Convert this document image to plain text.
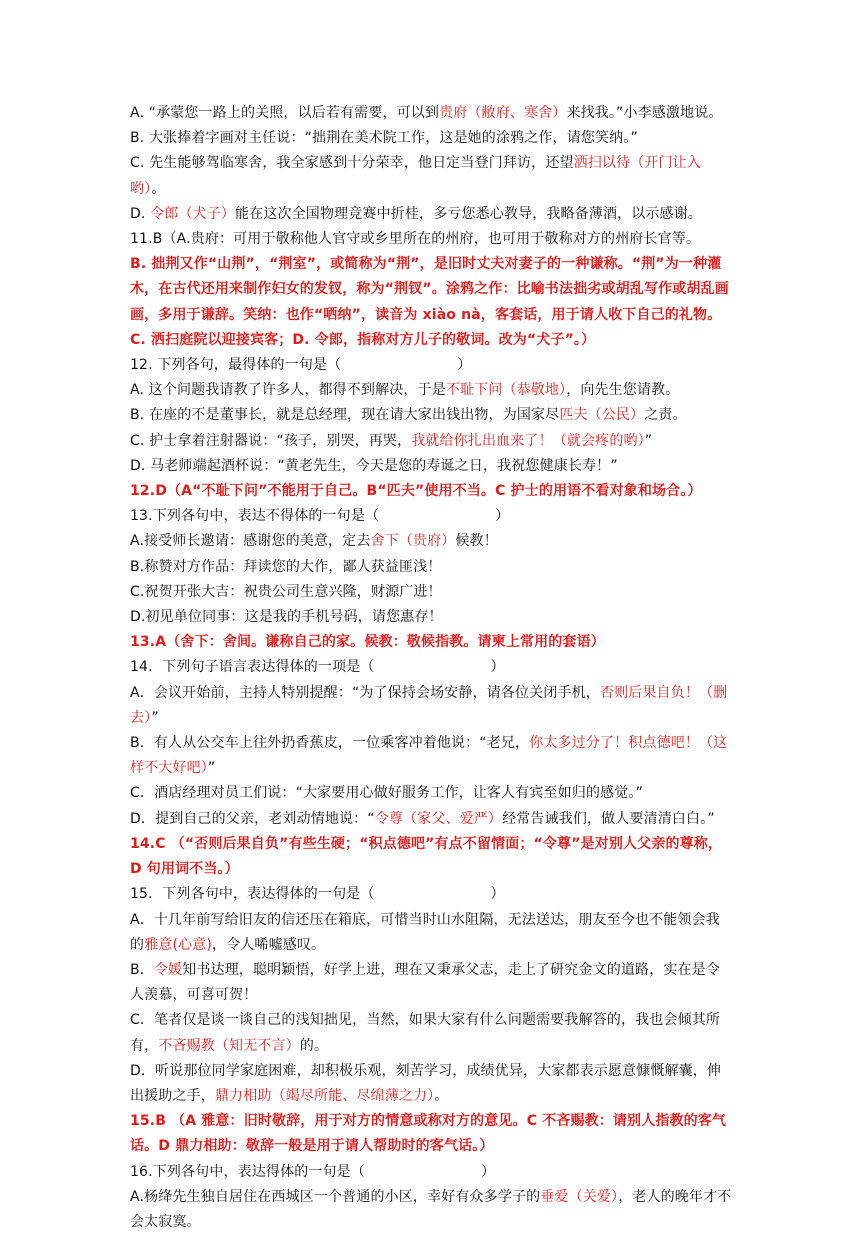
A. “承蒙您一路上的关照，以后若有需要，可以到贵府（敝府、寒舍）来找我。”小李感激地说。

B. 大张捧着字画对主任说：“拙荆在美术院工作，这是她的涂鸦之作，请您笑纳。”

C. 先生能够驾临寒舍，我全家感到十分荣幸，他日定当登门拜访，还望洒扫以待（开门让入哟）。

D. 令郎（犬子）能在这次全国物理竞赛中折桂，多亏您悉心教导，我略备薄酒，以示感谢。

11.B（A.贵府：可用于敬称他人官守或乡里所在的州府，也可用于敬称对方的州府长官等。

B. 拙荆又作“山荆”，“荆室”，或简称为“荆”，是旧时丈夫对妻子的一种谦称。“荆”为一种灌木，在古代还用来制作妇女的发钗，称为“荆钗”。涂鸦之作：比喻书法拙劣或胡乱写作或胡乱画画，多用于谦辞。笑纳：也作“哂纳”，读音为 xiào nà，客套话，用于请人收下自己的礼物。C. 洒扫庭院以迎接宾客；D. 令郎，指称对方儿子的敬词。改为“犬子”。）

12. 下列各句，最得体的一句是（	）

A. 这个问题我请教了许多人，都得不到解决，于是不耻下问（恭敬地），向先生您请教。

B. 在座的不是董事长，就是总经理，现在请大家出钱出物，为国家尽匹夫（公民）之责。

C. 护士拿着注射器说：“孩子，别哭，再哭，我就给你扎出血来了！（就会疼的哟）”

D. 马老师端起酒杯说：“黄老先生，今天是您的寿诞之日，我祝您健康长寿！”

12.D（A“不耻下问”不能用于自己。B“匹夫”使用不当。C 护士的用语不看对象和场合。）

13.下列各句中，表达不得体的一句是（	）

A.接受师长邀请：感谢您的美意，定去舍下（贵府）候教！

B.称赞对方作品：拜读您的大作，鄙人获益匪浅！

C.祝贺开张大吉：祝贵公司生意兴隆，财源广进！

D.初见单位同事：这是我的手机号码，请您惠存！

13.A（舍下：舍间。谦称自己的家。候教：敬候指教。请柬上常用的套语）

14．下列句子语言表达得体的一项是（	）

A．会议开始前，主持人特别提醒：“为了保持会场安静，请各位关闭手机，否则后果自负！（删去）”

B．有人从公交车上往外扔香蕉皮，一位乘客冲着他说：“老兄，你太多过分了！积点德吧！（这样不大好吧）”

C．酒店经理对员工们说：“大家要用心做好服务工作，让客人有宾至如归的感觉。”

D．提到自己的父亲，老刘动情地说：“令尊（家父、爱严）经常告诫我们，做人要清清白白。”

14.C （“否则后果自负”有些生硬；“积点德吧”有点不留情面；“令尊”是对别人父亲的尊称，D 句用词不当。）

15．下列各句中，表达得体的一句是（	）

A．十几年前写给旧友的信还压在箱底，可惜当时山水阻隔，无法送达，朋友至今也不能领会我的雅意(心意)，令人唏嘘感叹。

B．令媛知书达理，聪明颖悟，好学上进，理在又秉承父志，走上了研究金文的道路，实在是令人羡慕，可喜可贺！

C．笔者仅是谈一谈自己的浅知拙见，当然，如果大家有什么问题需要我解答的，我也会倾其所有，不吝赐教（知无不言）的。

D．听说那位同学家庭困难，却积极乐观，刻苦学习，成绩优异，大家都表示愿意慷慨解囊，伸出援助之手，鼎力相助（竭尽所能、尽绵薄之力）。

15.B （A 雅意：旧时敬辞，用于对方的情意或称对方的意见。C 不吝赐教：请别人指教的客气话。D 鼎力相助：敬辞一般是用于请人帮助时的客气话。）

16.下列各句中，表达得体的一句是（	）

A.杨绛先生独自居住在西城区一个普通的小区，幸好有众多学子的垂爱（关爱），老人的晚年才不会太寂寞。
